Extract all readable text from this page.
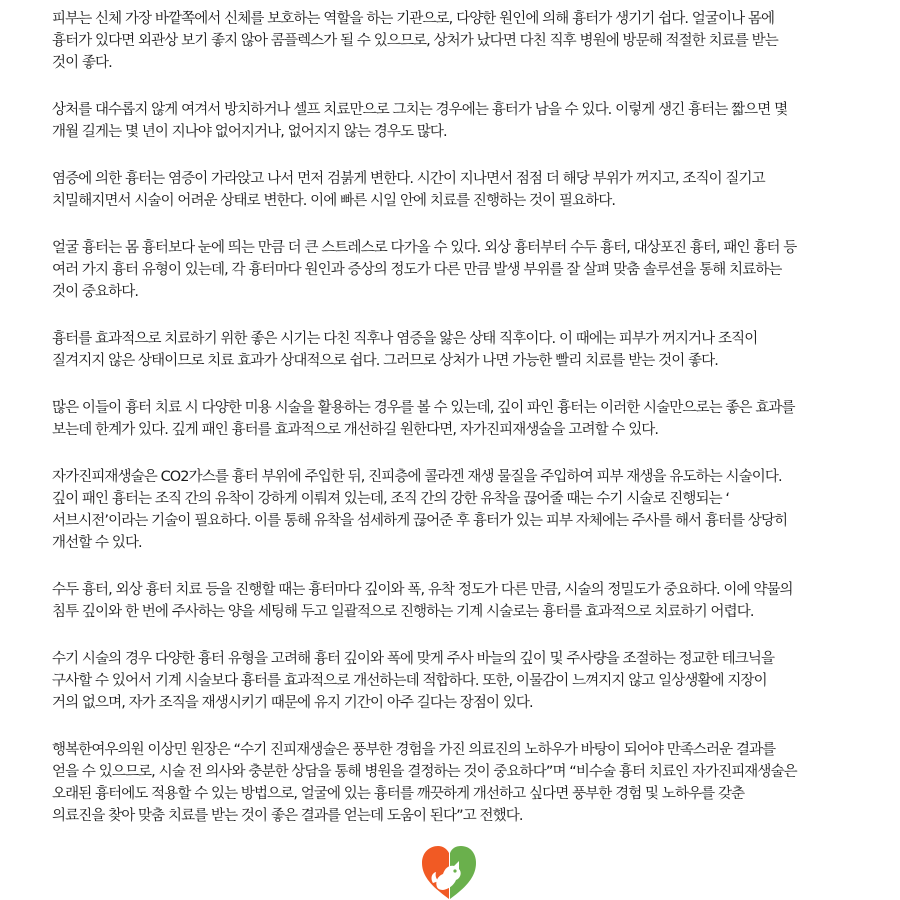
피부는 신체 가장 바깥쪽에서 신체를 보호하는 역할을 하는 기관으로, 다양한 원인에 의해 흉터가 생기기 쉽다. 얼굴이나 몸에
흉터가 있다면 외관상 보기 좋지 않아 콤플렉스가 될 수 있으므로, 상처가 났다면 다친 직후 병원에 방문해 적절한 치료를 받는
것이 좋다.

상처를 대수롭지 않게 여겨서 방치하거나 셀프 치료만으로 그치는 경우에는 흉터가 남을 수 있다. 이렇게 생긴 흉터는 짧으면 몇
개월 길게는 몇 년이 지나야 없어지거나, 없어지지 않는 경우도 많다.

염증에 의한 흉터는 염증이 가라앉고 나서 먼저 검붉게 변한다. 시간이 지나면서 점점 더 해당 부위가 꺼지고, 조직이 질기고
치밀해지면서 시술이 어려운 상태로 변한다. 이에 빠른 시일 안에 치료를 진행하는 것이 필요하다.

얼굴 흉터는 몸 흉터보다 눈에 띄는 만큼 더 큰 스트레스로 다가올 수 있다. 외상 흉터부터 수두 흉터, 대상포진 흉터, 패인 흉터 등
여러 가지 흉터 유형이 있는데, 각 흉터마다 원인과 증상의 정도가 다른 만큼 발생 부위를 잘 살펴 맞춤 솔루션을 통해 치료하는
것이 중요하다.

흉터를 효과적으로 치료하기 위한 좋은 시기는 다친 직후나 염증을 앓은 상태 직후이다. 이 때에는 피부가 꺼지거나 조직이
질겨지지 않은 상태이므로 치료 효과가 상대적으로 쉽다. 그러므로 상처가 나면 가능한 빨리 치료를 받는 것이 좋다.

많은 이들이 흉터 치료 시 다양한 미용 시술을 활용하는 경우를 볼 수 있는데, 깊이 파인 흉터는 이러한 시술만으로는 좋은 효과를
보는데 한계가 있다. 깊게 패인 흉터를 효과적으로 개선하길 원한다면, 자가진피재생술을 고려할 수 있다.

자가진피재생술은 CO2가스를 흉터 부위에 주입한 뒤, 진피층에 콜라겐 재생 물질을 주입하여 피부 재생을 유도하는 시술이다.
깊이 패인 흉터는 조직 간의 유착이 강하게 이뤄져 있는데, 조직 간의 강한 유착을 끊어줄 때는 수기 시술로 진행되는 ‘
서브시전’이라는 기술이 필요하다. 이를 통해 유착을 섬세하게 끊어준 후 흉터가 있는 피부 자체에는 주사를 해서 흉터를 상당히
개선할 수 있다.

수두 흉터, 외상 흉터 치료 등을 진행할 때는 흉터마다 깊이와 폭, 유착 정도가 다른 만큼, 시술의 정밀도가 중요하다. 이에 약물의
침투 깊이와 한 번에 주사하는 양을 세팅해 두고 일괄적으로 진행하는 기계 시술로는 흉터를 효과적으로 치료하기 어렵다.

수기 시술의 경우 다양한 흉터 유형을 고려해 흉터 깊이와 폭에 맞게 주사 바늘의 깊이 및 주사량을 조절하는 정교한 테크닉을
구사할 수 있어서 기계 시술보다 흉터를 효과적으로 개선하는데 적합하다. 또한, 이물감이 느껴지지 않고 일상생활에 지장이
거의 없으며, 자가 조직을 재생시키기 때문에 유지 기간이 아주 길다는 장점이 있다.

행복한여우의원 이상민 원장은 “수기 진피재생술은 풍부한 경험을 가진 의료진의 노하우가 바탕이 되어야 만족스러운 결과를
얻을 수 있으므로, 시술 전 의사와 충분한 상담을 통해 병원을 결정하는 것이 중요하다”며 “비수술 흉터 치료인 자가진피재생술은
오래된 흉터에도 적용할 수 있는 방법으로, 얼굴에 있는 흉터를 깨끗하게 개선하고 싶다면 풍부한 경험 및 노하우를 갖춘
의료진을 찾아 맞춤 치료를 받는 것이 좋은 결과를 얻는데 도움이 된다”고 전했다.
